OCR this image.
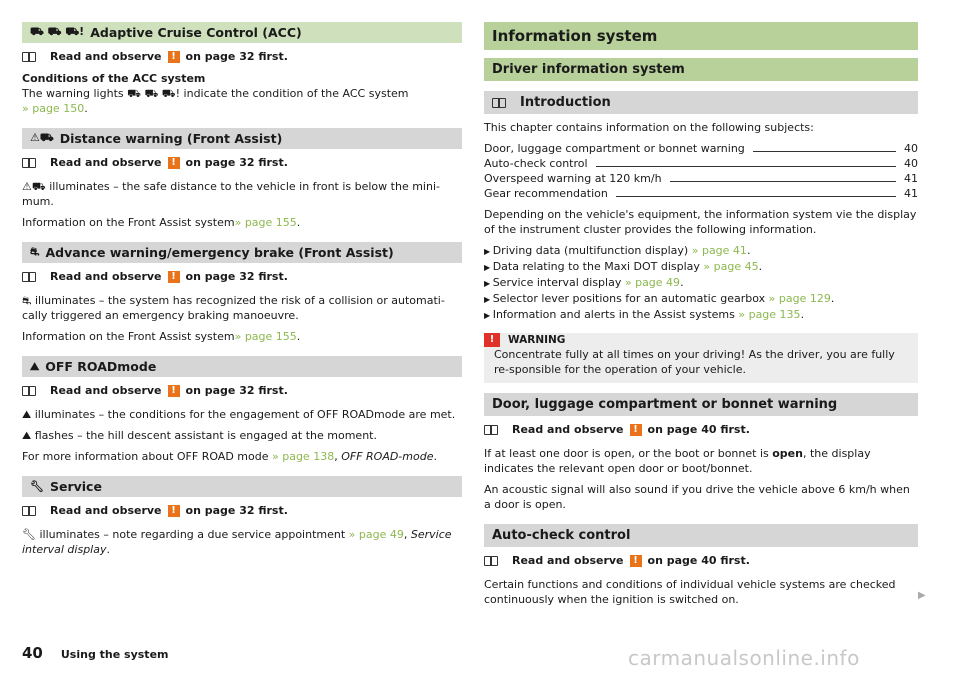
⛟ ⛟ ⛟! Adaptive Cruise Control (ACC)
Read and observe ! on page 32 first.

Conditions of the ACC system
The warning lights ⛟ ⛟ ⛟! indicate the condition of the ACC system
» page 150.

⚠⛟ Distance warning (Front Assist)
Read and observe ! on page 32 first.

⚠⛟ illuminates – the safe distance to the vehicle in front is below the mini-mum.

Information on the Front Assist system» page 155.

⛐ Advance warning/emergency brake (Front Assist)
Read and observe ! on page 32 first.

⛐ illuminates – the system has recognized the risk of a collision or automati-cally triggered an emergency braking manoeuvre.

Information on the Front Assist system» page 155.

⛰ OFF ROADmode
Read and observe ! on page 32 first.

⛰ illuminates – the conditions for the engagement of OFF ROADmode are met.

⛰ flashes – the hill descent assistant is engaged at the moment.

For more information about OFF ROAD mode » page 138, OFF ROAD-mode.

🔧︎ Service
Read and observe ! on page 32 first.

🔧︎ illuminates – note regarding a due service appointment » page 49, Service interval display.

Information system
Driver information system
Introduction

This chapter contains information on the following subjects:

Door, luggage compartment or bonnet warning	40
Auto-check control	40
Overspeed warning at 120 km/h	41
Gear recommendation	41

Depending on the vehicle's equipment, the information system vie the display of the instrument cluster provides the following information.

▶ Driving data (multifunction display) » page 41.
▶ Data relating to the Maxi DOT display » page 45.
▶ Service interval display » page 49.
▶ Selector lever positions for an automatic gearbox » page 129.
▶ Information and alerts in the Assist systems » page 135.
!	WARNING
Concentrate fully at all times on your driving! As the driver, you are fully re-sponsible for the operation of your vehicle.
Door, luggage compartment or bonnet warning
Read and observe ! on page 40 first.

If at least one door is open, or the boot or bonnet is open, the display indicates the relevant open door or boot/bonnet.

An acoustic signal will also sound if you drive the vehicle above 6 km/h when a door is open.

Auto-check control
Read and observe ! on page 40 first.

Certain functions and conditions of individual vehicle systems are checked continuously when the ignition is switched on.	▶
40 Using the system	carmanualsonline.info
